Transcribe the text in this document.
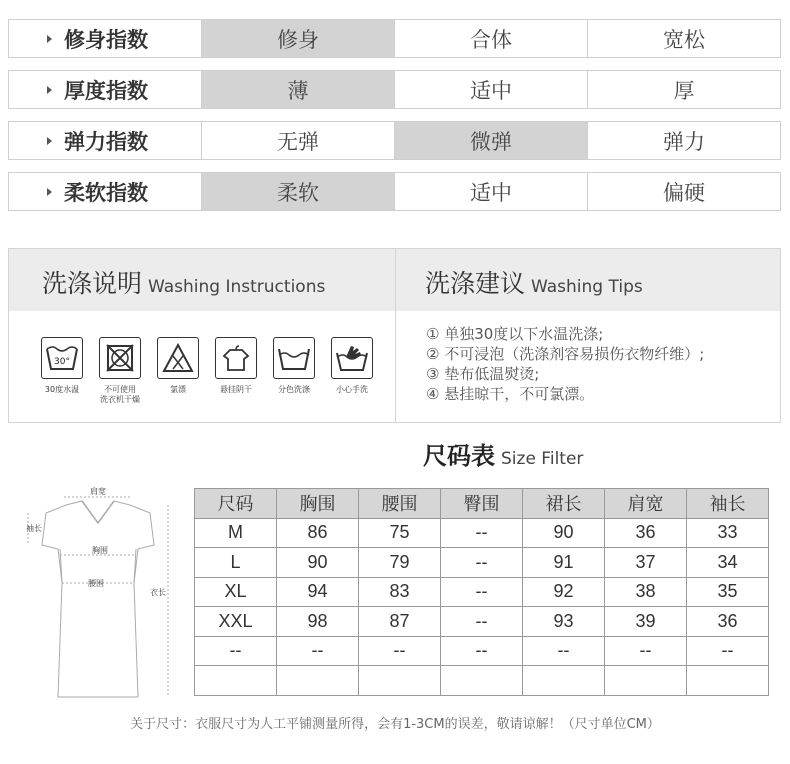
修身指数	修身	合体	宽松
厚度指数	薄	适中	厚
弹力指数	无弹	微弹	弹力
柔软指数	柔软	适中	偏硬
洗涤说明 Washing Instructions	洗涤建议 Washing Tips
30°
30度水温	不可使用
洗衣机干燥
氯漂	悬挂阴干	分色洗涤	小心手洗
① 单独30度以下水温洗涤;
② 不可浸泡（洗涤剂容易损伤衣物纤维）;
③ 垫布低温熨烫;
④ 悬挂晾干，不可氯漂。
尺码表 Size Filter
肩宽
袖长
胸围
腰围
衣长
尺码	胸围	腰围	臀围	裙长	肩宽	袖长
M	86	75	--	90	36	33
L	90	79	--	91	37	34
XL	94	83	--	92	38	35
XXL	98	87	--	93	39	36
--	--	--	--	--	--	--

关于尺寸：衣服尺寸为人工平铺测量所得，会有1-3CM的误差，敬请谅解！（尺寸单位CM）
